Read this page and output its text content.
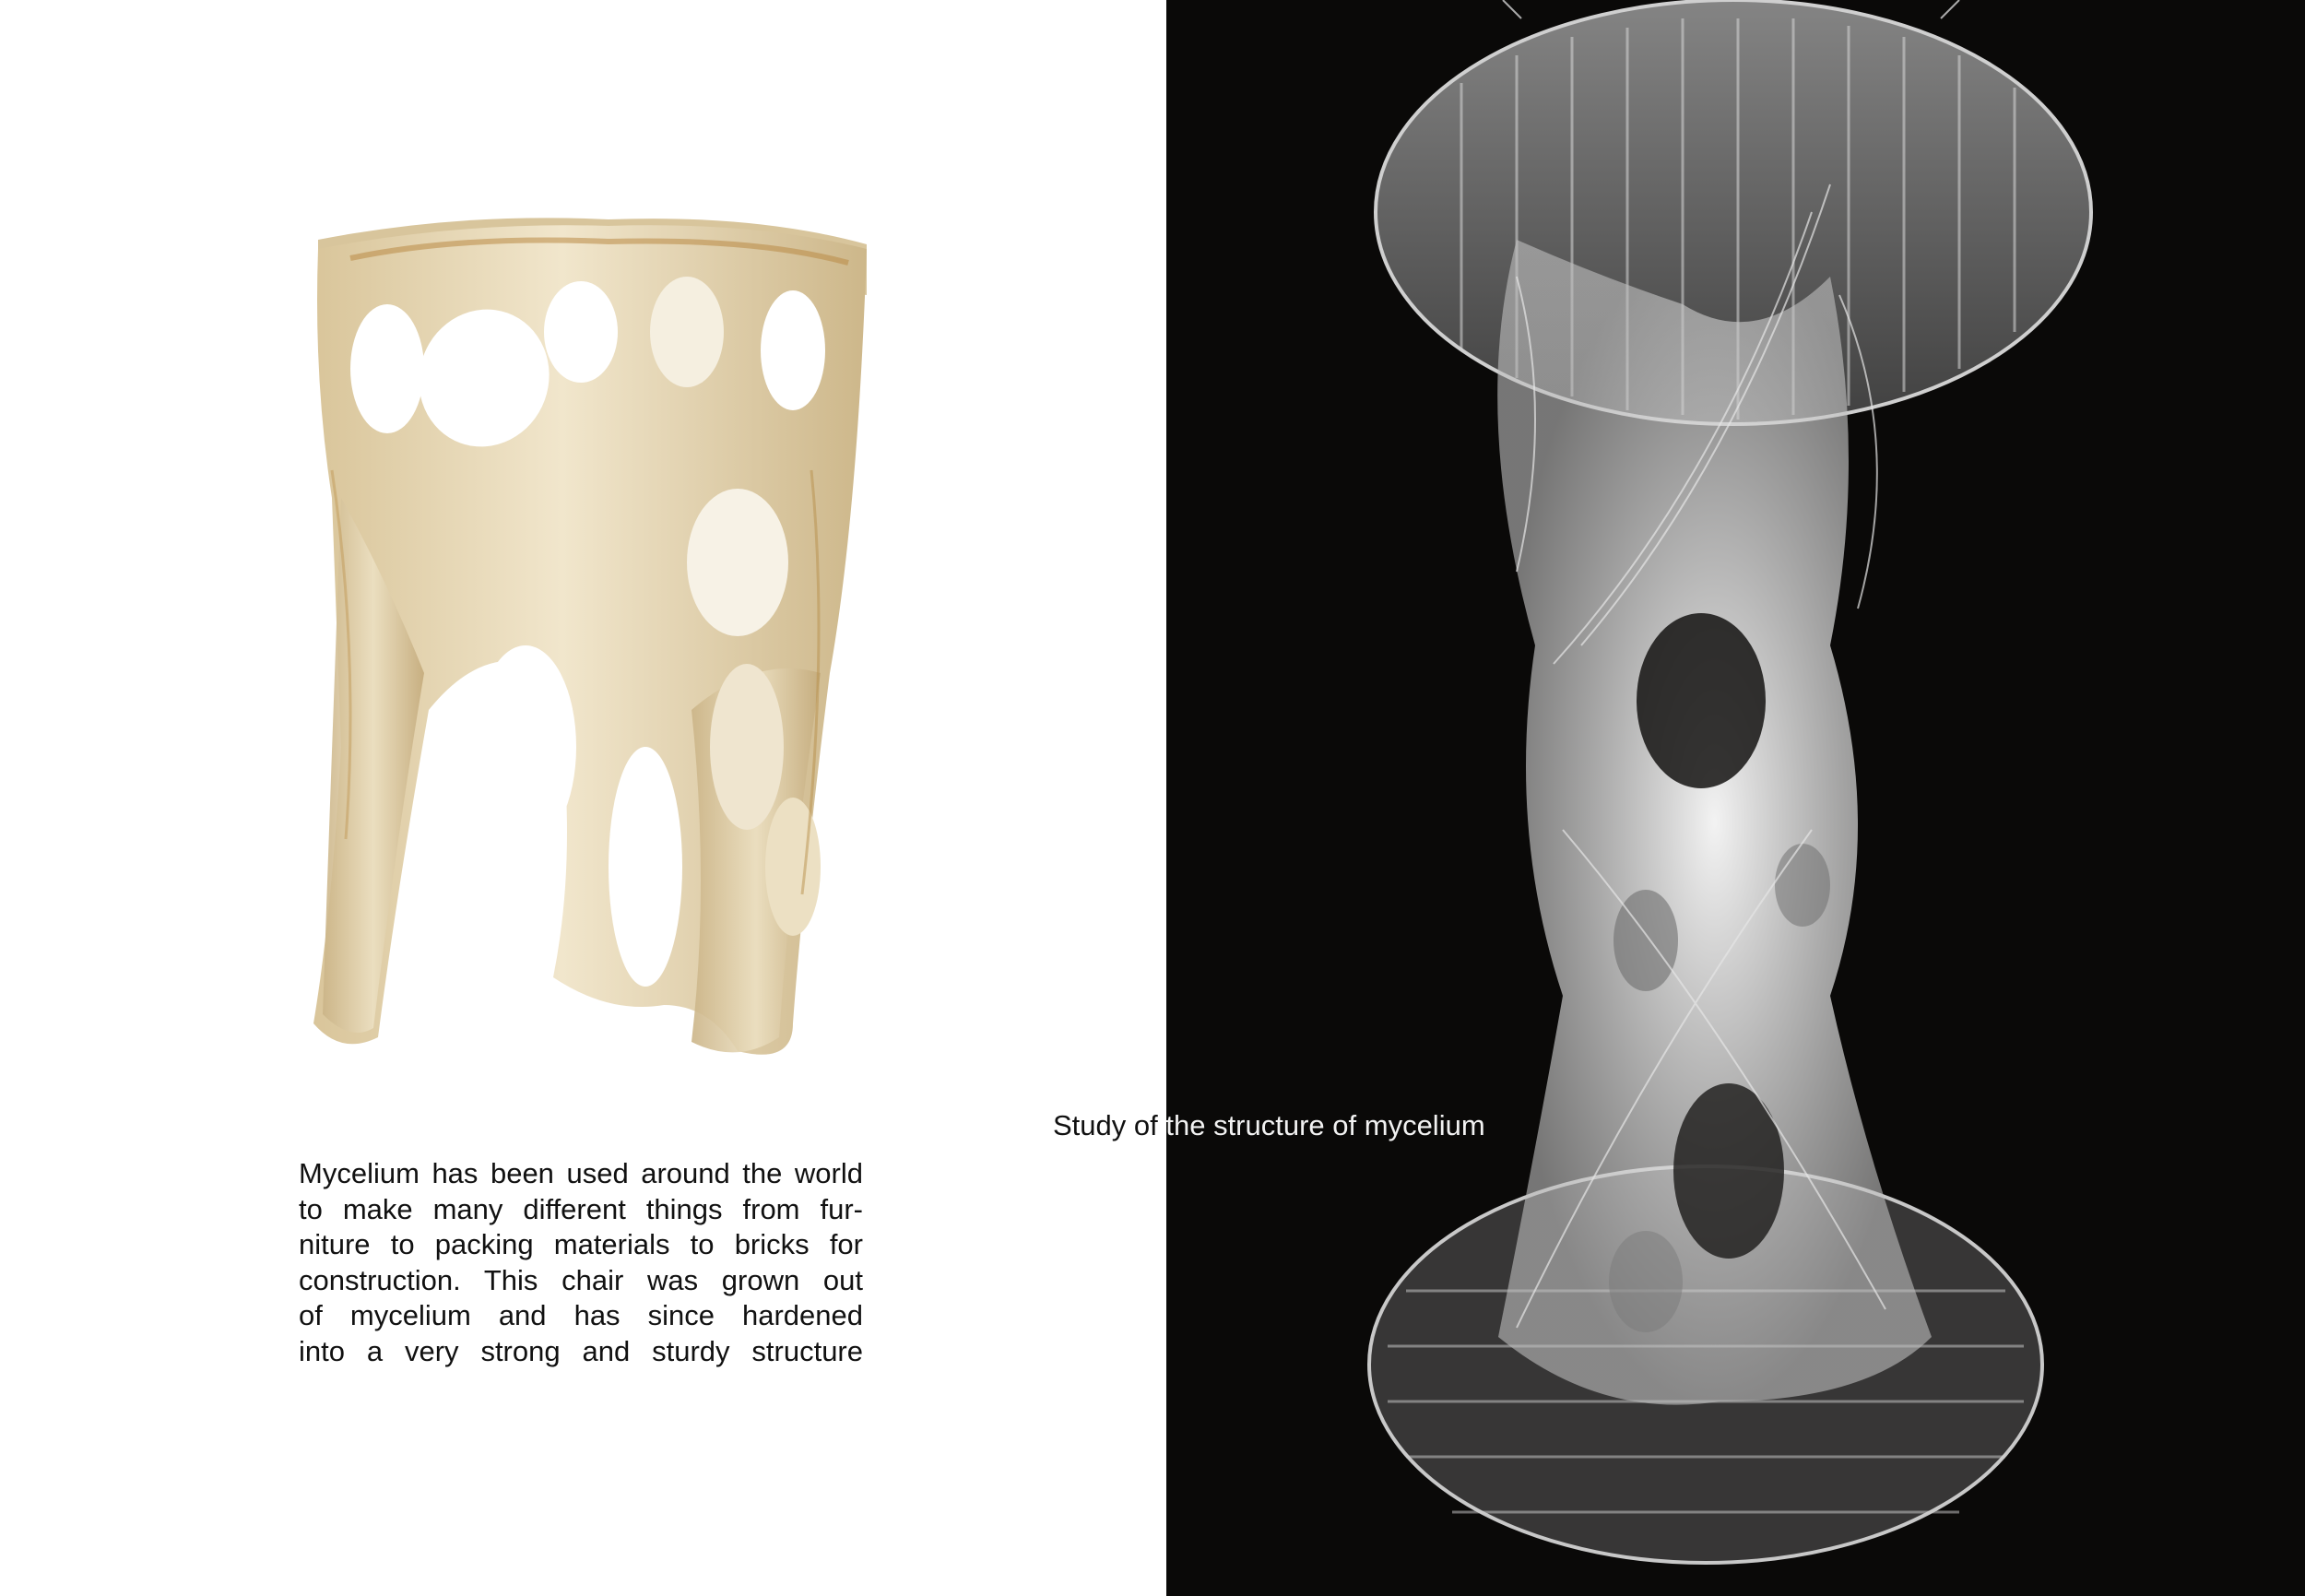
Mycelium has been used around the world
to make many different things from fur-
niture to packing materials to bricks for
construction. This chair was grown out
of mycelium and has since hardened
into a very strong and sturdy structure
Study of the structure of mycelium
